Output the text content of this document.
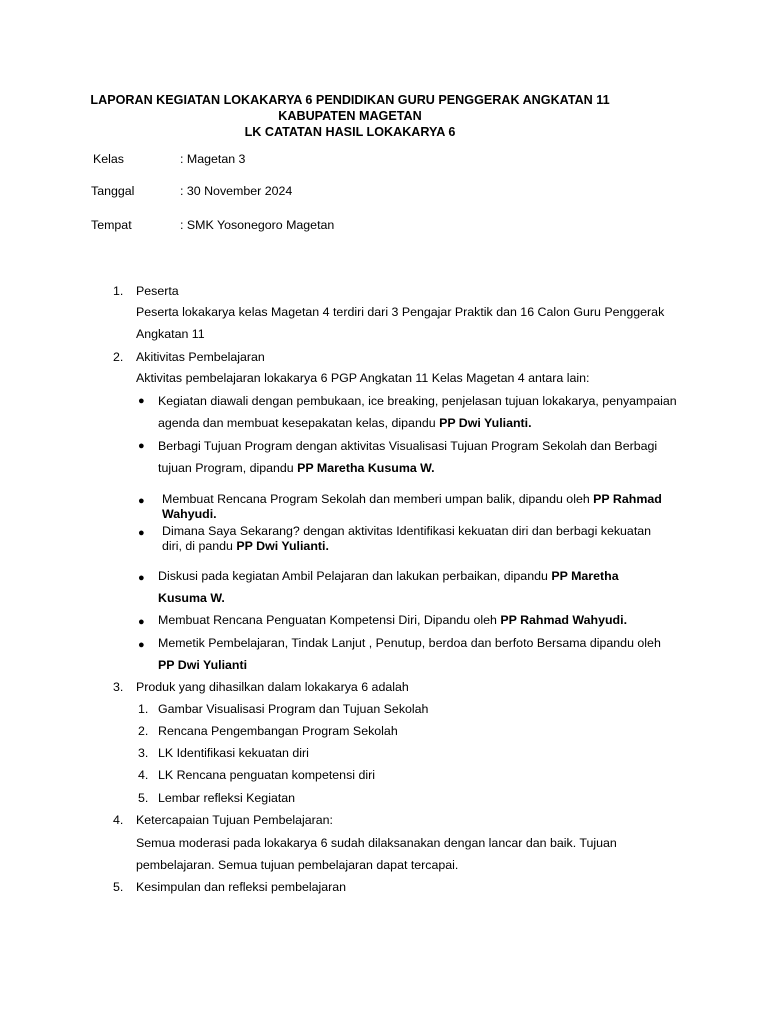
LAPORAN KEGIATAN LOKAKARYA 6 PENDIDIKAN GURU PENGGERAK ANGKATAN 11
KABUPATEN MAGETAN
LK CATATAN HASIL LOKAKARYA 6
Kelas	: Magetan 3
Tanggal	: 30 November 2024
Tempat	: SMK Yosonegoro Magetan
1. Peserta
Peserta lokakarya kelas Magetan 4 terdiri dari 3 Pengajar Praktik dan 16 Calon Guru Penggerak Angkatan 11
2. Akitivitas Pembelajaran
Aktivitas pembelajaran lokakarya 6 PGP Angkatan 11 Kelas Magetan 4 antara lain:
● Kegiatan diawali dengan pembukaan, ice breaking, penjelasan tujuan lokakarya, penyampaian agenda dan membuat kesepakatan kelas, dipandu PP Dwi Yulianti.
● Berbagi Tujuan Program dengan aktivitas Visualisasi Tujuan Program Sekolah dan Berbagi tujuan Program, dipandu PP Maretha Kusuma W.
● Membuat Rencana Program Sekolah dan memberi umpan balik, dipandu oleh PP Rahmad Wahyudi.
● Dimana Saya Sekarang? dengan aktivitas Identifikasi kekuatan diri dan berbagi kekuatan diri, di pandu PP Dwi Yulianti.
● Diskusi pada kegiatan Ambil Pelajaran dan lakukan perbaikan, dipandu PP Maretha Kusuma W.
● Membuat Rencana Penguatan Kompetensi Diri, Dipandu oleh PP Rahmad Wahyudi.
● Memetik Pembelajaran, Tindak Lanjut , Penutup, berdoa dan berfoto Bersama dipandu oleh PP Dwi Yulianti
3. Produk yang dihasilkan dalam lokakarya 6 adalah
1. Gambar Visualisasi Program dan Tujuan Sekolah
2. Rencana Pengembangan Program Sekolah
3. LK Identifikasi kekuatan diri
4. LK Rencana penguatan kompetensi diri
5. Lembar refleksi Kegiatan
4. Ketercapaian Tujuan Pembelajaran:
Semua moderasi pada lokakarya 6 sudah dilaksanakan dengan lancar dan baik. Tujuan pembelajaran. Semua tujuan pembelajaran dapat tercapai.
5. Kesimpulan dan refleksi pembelajaran
